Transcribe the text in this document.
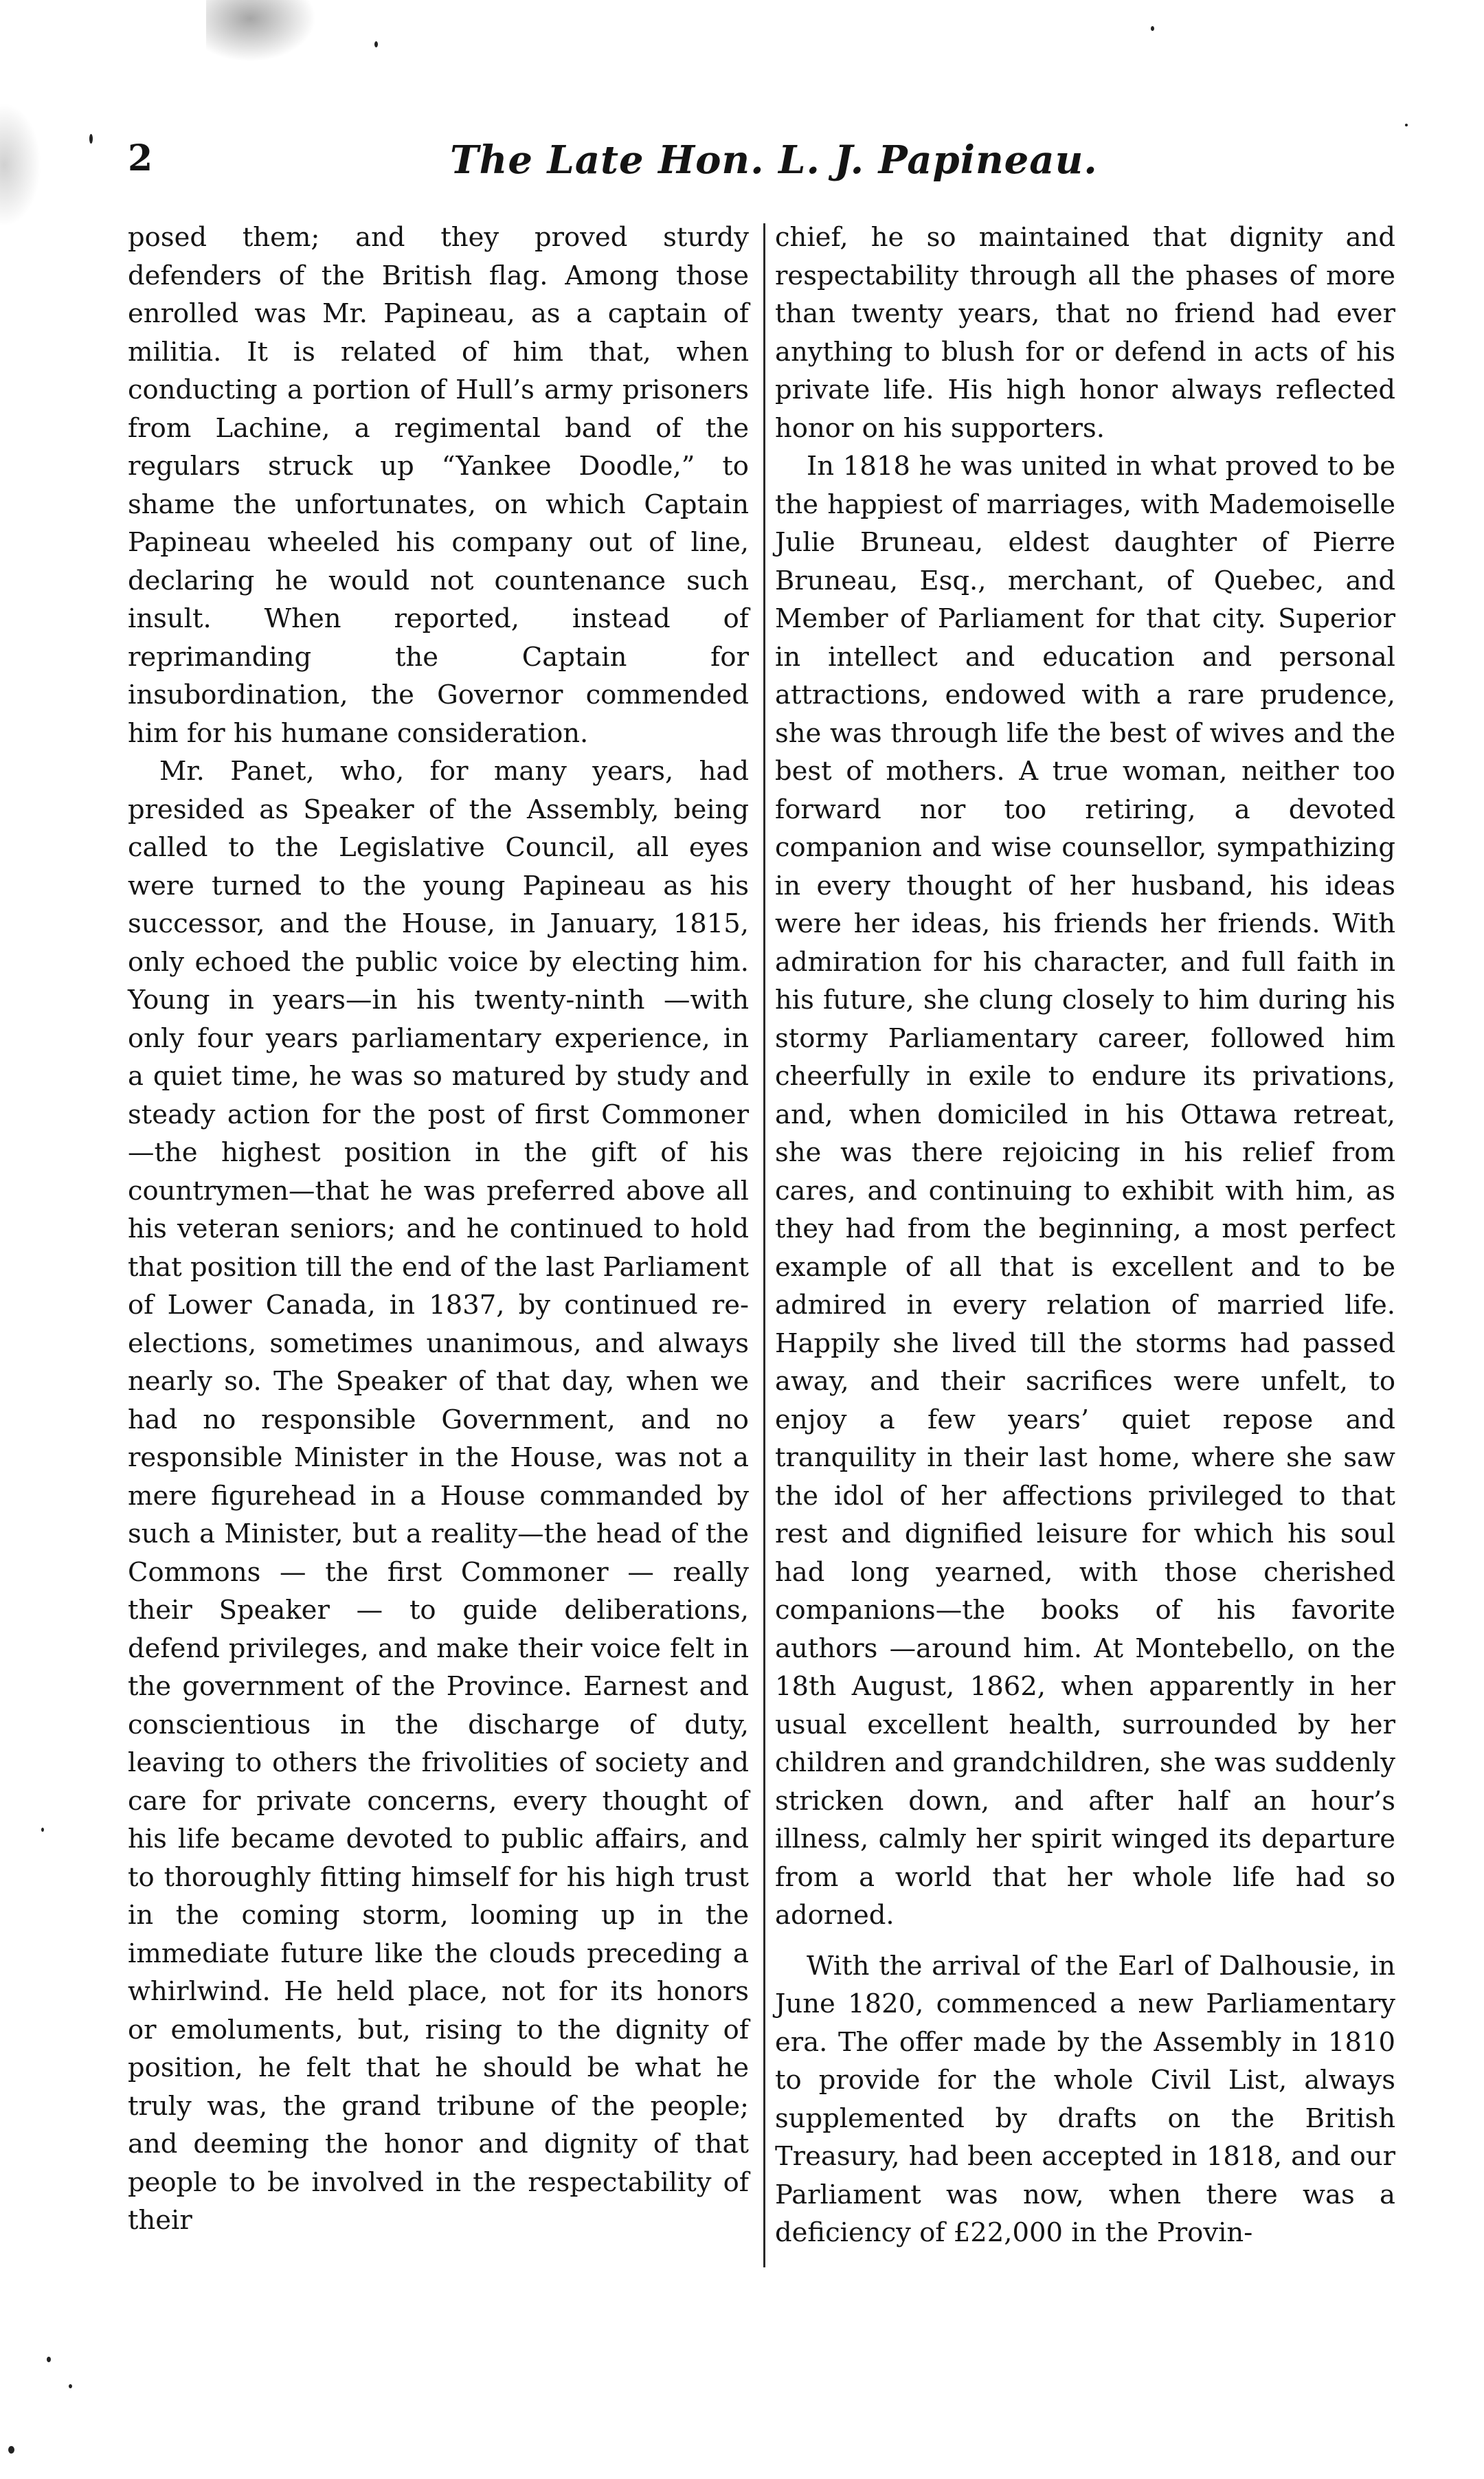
2	The Late Hon. L. J. Papineau.

posed them; and they proved sturdy defenders of the British flag. Among those enrolled was Mr. Papineau, as a captain of militia. It is related of him that, when conducting a portion of Hull’s army prisoners from Lachine, a regimental band of the regulars struck up “Yankee Doodle,” to shame the unfortunates, on which Captain Papineau wheeled his company out of line, declaring he would not countenance such insult. When reported, instead of reprimanding the Captain for insubordination, the Governor commended him for his humane consideration.

Mr. Panet, who, for many years, had presided as Speaker of the Assembly, being called to the Legislative Council, all eyes were turned to the young Papineau as his successor, and the House, in January, 1815, only echoed the public voice by electing him. Young in years—in his twenty-ninth —with only four years parliamentary experience, in a quiet time, he was so matured by study and steady action for the post of first Commoner—the highest position in the gift of his countrymen—that he was preferred above all his veteran seniors; and he continued to hold that position till the end of the last Parliament of Lower Canada, in 1837, by continued re-elections, sometimes unanimous, and always nearly so. The Speaker of that day, when we had no responsible Government, and no responsible Minister in the House, was not a mere figurehead in a House commanded by such a Minister, but a reality—the head of the Commons — the first Commoner — really their Speaker — to guide deliberations, defend privileges, and make their voice felt in the government of the Province. Earnest and conscientious in the discharge of duty, leaving to others the frivolities of society and care for private concerns, every thought of his life became devoted to public affairs, and to thoroughly fitting himself for his high trust in the coming storm, looming up in the immediate future like the clouds preceding a whirlwind. He held place, not for its honors or emoluments, but, rising to the dignity of position, he felt that he should be what he truly was, the grand tribune of the people; and deeming the honor and dignity of that people to be involved in the respectability of their

chief, he so maintained that dignity and respectability through all the phases of more than twenty years, that no friend had ever anything to blush for or defend in acts of his private life. His high honor always reflected honor on his supporters.

In 1818 he was united in what proved to be the happiest of marriages, with Mademoiselle Julie Bruneau, eldest daughter of Pierre Bruneau, Esq., merchant, of Quebec, and Member of Parliament for that city. Superior in intellect and education and personal attractions, endowed with a rare prudence, she was through life the best of wives and the best of mothers. A true woman, neither too forward nor too retiring, a devoted companion and wise counsellor, sympathizing in every thought of her husband, his ideas were her ideas, his friends her friends. With admiration for his character, and full faith in his future, she clung closely to him during his stormy Parliamentary career, followed him cheerfully in exile to endure its privations, and, when domiciled in his Ottawa retreat, she was there rejoicing in his relief from cares, and continuing to exhibit with him, as they had from the beginning, a most perfect example of all that is excellent and to be admired in every relation of married life. Happily she lived till the storms had passed away, and their sacrifices were unfelt, to enjoy a few years’ quiet repose and tranquility in their last home, where she saw the idol of her affections privileged to that rest and dignified leisure for which his soul had long yearned, with those cherished companions—the books of his favorite authors —around him. At Montebello, on the 18th August, 1862, when apparently in her usual excellent health, surrounded by her children and grandchildren, she was suddenly stricken down, and after half an hour’s illness, calmly her spirit winged its departure from a world that her whole life had so adorned.

With the arrival of the Earl of Dalhousie, in June 1820, commenced a new Parliamentary era. The offer made by the Assembly in 1810 to provide for the whole Civil List, always supplemented by drafts on the British Treasury, had been accepted in 1818, and our Parliament was now, when there was a deficiency of £22,000 in the Provin-
